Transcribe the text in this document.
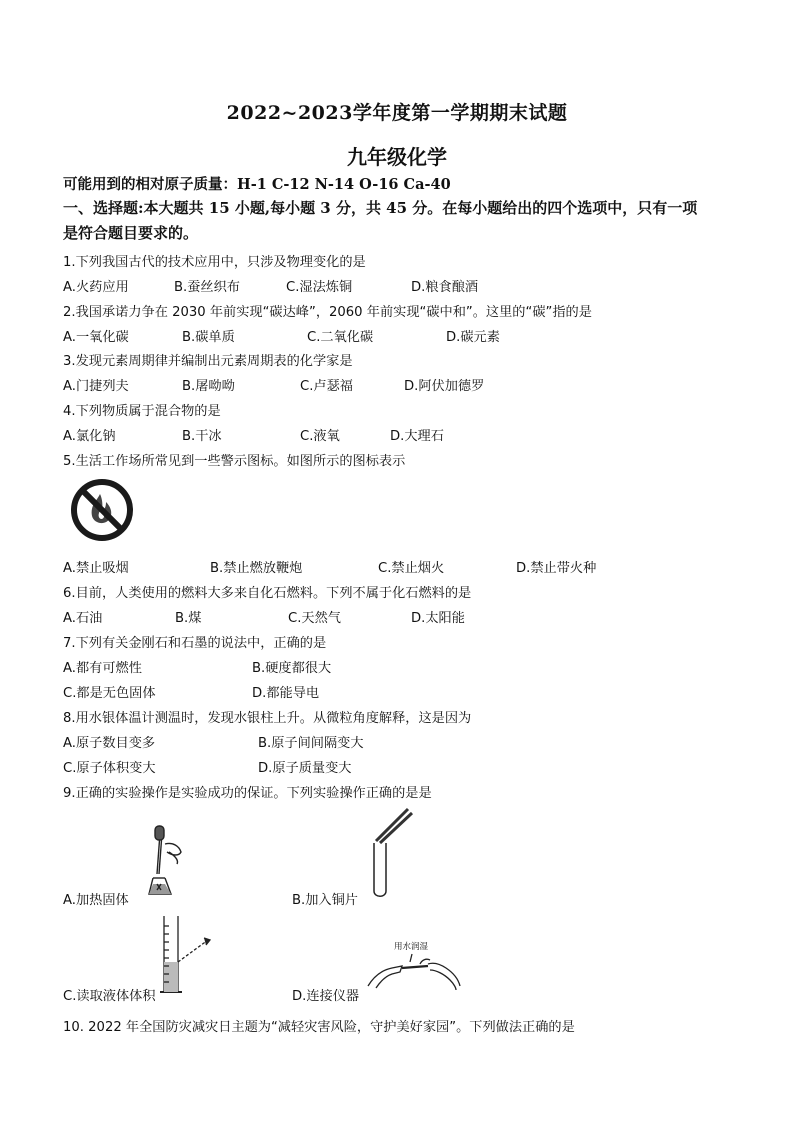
2022~2023学年度第一学期期末试题
九年级化学
可能用到的相对原子质量：H-1 C-12 N-14 O-16 Ca-40
一、选择题:本大题共 15 小题,每小题 3 分，共 45 分。在每小题给出的四个选项中，只有一项
是符合题目要求的。
1.下列我国古代的技术应用中，只涉及物理变化的是
A.火药应用	B.蚕丝织布	C.湿法炼铜	D.粮食酿酒
2.我国承诺力争在 2030 年前实现“碳达峰”，2060 年前实现“碳中和”。这里的“碳”指的是
A.一氧化碳	B.碳单质	C.二氧化碳	D.碳元素
3.发现元素周期律并编制出元素周期表的化学家是
A.门捷列夫	B.屠呦呦	C.卢瑟福	D.阿伏加德罗
4.下列物质属于混合物的是
A.氯化钠	B.干冰	C.液氧	D.大理石
5.生活工作场所常见到一些警示图标。如图所示的图标表示
A.禁止吸烟	B.禁止燃放鞭炮	C.禁止烟火	D.禁止带火种
6.目前，人类使用的燃料大多来自化石燃料。下列不属于化石燃料的是
A.石油	B.煤	C.天然气	D.太阳能
7.下列有关金刚石和石墨的说法中，正确的是
A.都有可燃性	B.硬度都很大
C.都是无色固体	D.都能导电
8.用水银体温计测温时，发现水银柱上升。从微粒角度解释，这是因为
A.原子数目变多	B.原子间间隔变大
C.原子体积变大	D.原子质量变大
9.正确的实验操作是实验成功的保证。下列实验操作正确的是是
A.加热固体	B.加入铜片
C.读取液体体积
用水润湿
D.连接仪器
10. 2022 年全国防灾减灾日主题为“减轻灾害风险，守护美好家园”。下列做法正确的是
